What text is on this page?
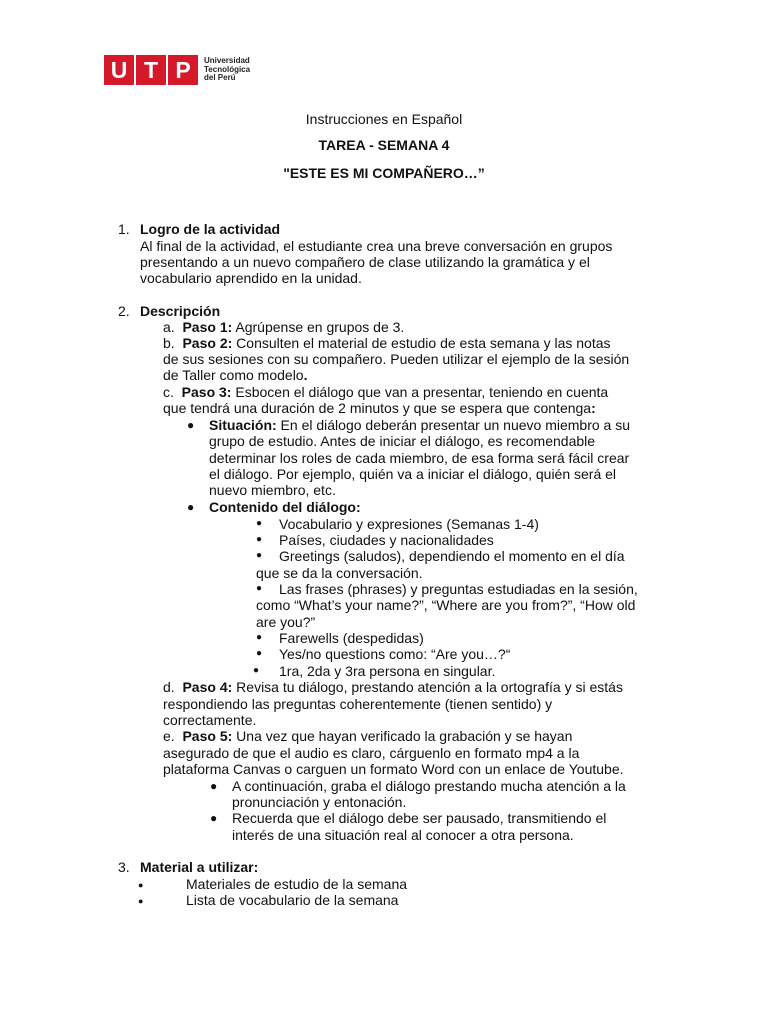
U T P	Universidad
Tecnológica
del Perú
Instrucciones en Español
TAREA - SEMANA 4
"ESTE ES MI COMPAÑERO…”
1. Logro de la actividad
Al final de la actividad, el estudiante crea una breve conversación en grupos
presentando a un nuevo compañero de clase utilizando la gramática y el
vocabulario aprendido en la unidad.
2. Descripción
a. Paso 1: Agrúpense en grupos de 3.
b. Paso 2: Consulten el material de estudio de esta semana y las notas
de sus sesiones con su compañero. Pueden utilizar el ejemplo de la sesión
de Taller como modelo.
c. Paso 3: Esbocen el diálogo que van a presentar, teniendo en cuenta
que tendrá una duración de 2 minutos y que se espera que contenga:
● Situación: En el diálogo deberán presentar un nuevo miembro a su
grupo de estudio. Antes de iniciar el diálogo, es recomendable
determinar los roles de cada miembro, de esa forma será fácil crear
el diálogo. Por ejemplo, quién va a iniciar el diálogo, quién será el
nuevo miembro, etc.
● Contenido del diálogo:
● Vocabulario y expresiones (Semanas 1-4)
● Países, ciudades y nacionalidades
● Greetings (saludos), dependiendo el momento en el día
que se da la conversación.
● Las frases (phrases) y preguntas estudiadas en la sesión,
como “What’s your name?”, “Where are you from?”, “How old
are you?”
● Farewells (despedidas)
● Yes/no questions como: “Are you…?“
● 1ra, 2da y 3ra persona en singular.
d. Paso 4: Revisa tu diálogo, prestando atención a la ortografía y si estás
respondiendo las preguntas coherentemente (tienen sentido) y
correctamente.
e. Paso 5: Una vez que hayan verificado la grabación y se hayan
asegurado de que el audio es claro, cárguenlo en formato mp4 a la
plataforma Canvas o carguen un formato Word con un enlace de Youtube.
● A continuación, graba el diálogo prestando mucha atención a la
pronunciación y entonación.
● Recuerda que el diálogo debe ser pausado, transmitiendo el
interés de una situación real al conocer a otra persona.
3. Material a utilizar:
●	Materiales de estudio de la semana
●	Lista de vocabulario de la semana
